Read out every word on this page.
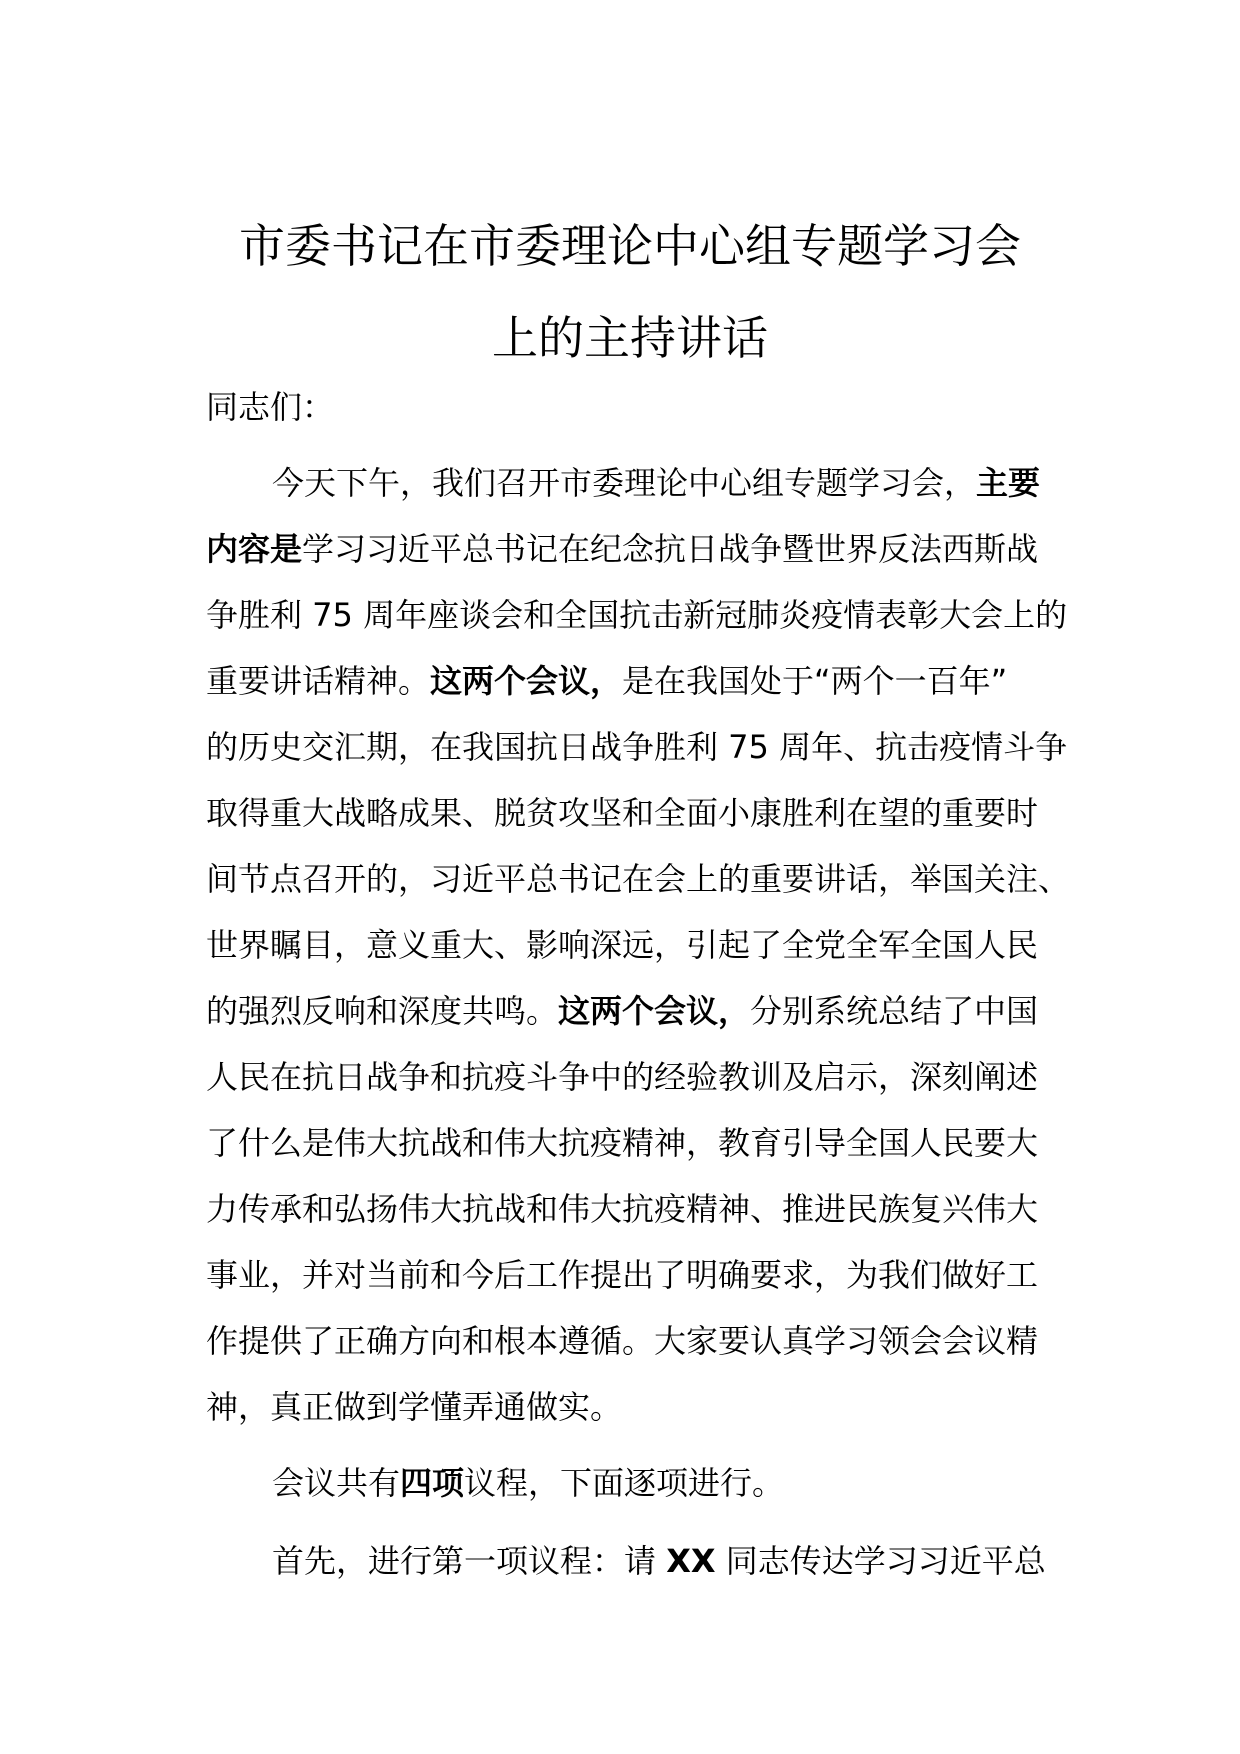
市委书记在市委理论中心组专题学习会
上的主持讲话

同志们：

今天下午，我们召开市委理论中心组专题学习会，主要
内容是学习习近平总书记在纪念抗日战争暨世界反法西斯战
争胜利 75 周年座谈会和全国抗击新冠肺炎疫情表彰大会上的
重要讲话精神。这两个会议，是在我国处于“两个一百年”
的历史交汇期，在我国抗日战争胜利 75 周年、抗击疫情斗争
取得重大战略成果、脱贫攻坚和全面小康胜利在望的重要时
间节点召开的，习近平总书记在会上的重要讲话，举国关注、
世界瞩目，意义重大、影响深远，引起了全党全军全国人民
的强烈反响和深度共鸣。这两个会议，分别系统总结了中国
人民在抗日战争和抗疫斗争中的经验教训及启示，深刻阐述
了什么是伟大抗战和伟大抗疫精神，教育引导全国人民要大
力传承和弘扬伟大抗战和伟大抗疫精神、推进民族复兴伟大
事业，并对当前和今后工作提出了明确要求，为我们做好工
作提供了正确方向和根本遵循。大家要认真学习领会会议精
神，真正做到学懂弄通做实。
会议共有四项议程，下面逐项进行。
首先，进行第一项议程：请 XX 同志传达学习习近平总
